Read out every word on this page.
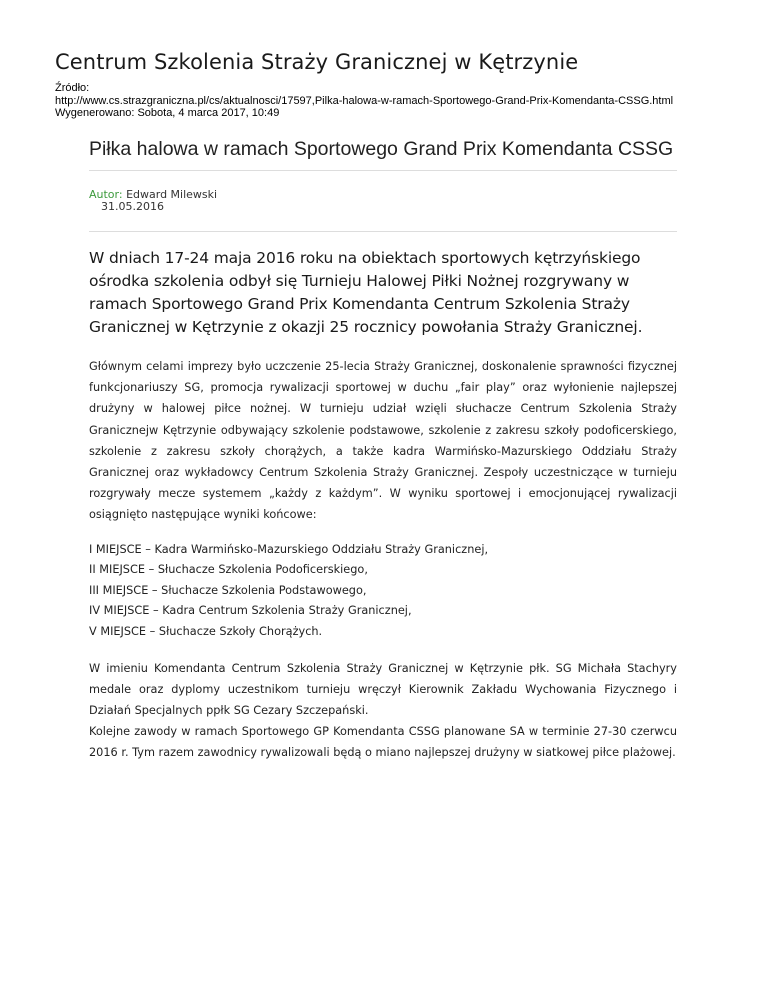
Centrum Szkolenia Straży Granicznej w Kętrzynie
Źródło:
http://www.cs.strazgraniczna.pl/cs/aktualnosci/17597,Pilka-halowa-w-ramach-Sportowego-Grand-Prix-Komendanta-CSSG.html
Wygenerowano: Sobota, 4 marca 2017, 10:49
Piłka halowa w ramach Sportowego Grand Prix Komendanta CSSG
Autor: Edward Milewski
31.05.2016

W dniach 17-24 maja 2016 roku na obiektach sportowych kętrzyńskiego ośrodka szkolenia odbył się Turnieju Halowej Piłki Nożnej rozgrywany w ramach Sportowego Grand Prix Komendanta Centrum Szkolenia Straży Granicznej w Kętrzynie z okazji 25 rocznicy powołania Straży Granicznej.

Głównym celami imprezy było uczczenie 25-lecia Straży Granicznej, doskonalenie sprawności fizycznej funkcjonariuszy SG, promocja rywalizacji sportowej w duchu „fair play” oraz wyłonienie najlepszej drużyny w halowej piłce nożnej. W turnieju udział wzięli słuchacze Centrum Szkolenia Straży Granicznejw Kętrzynie odbywający szkolenie podstawowe, szkolenie z zakresu szkoły podoficerskiego, szkolenie z zakresu szkoły chorążych, a także kadra Warmińsko-Mazurskiego Oddziału Straży Granicznej oraz wykładowcy Centrum Szkolenia Straży Granicznej. Zespoły uczestniczące w turnieju rozgrywały mecze systemem „każdy z każdym”. W wyniku sportowej i emocjonującej rywalizacji osiągnięto następujące wyniki końcowe:

I MIEJSCE – Kadra Warmińsko-Mazurskiego Oddziału Straży Granicznej,
II MIEJSCE – Słuchacze Szkolenia Podoficerskiego,
III MIEJSCE – Słuchacze Szkolenia Podstawowego,
IV MIEJSCE – Kadra Centrum Szkolenia Straży Granicznej,
V MIEJSCE – Słuchacze Szkoły Chorążych.
W imieniu Komendanta Centrum Szkolenia Straży Granicznej w Kętrzynie płk. SG Michała Stachyry medale oraz dyplomy uczestnikom turnieju wręczył Kierownik Zakładu Wychowania Fizycznego i Działań Specjalnych ppłk SG Cezary Szczepański.
Kolejne zawody w ramach Sportowego GP Komendanta CSSG planowane SA w terminie 27-30 czerwcu 2016 r. Tym razem zawodnicy rywalizowali będą o miano najlepszej drużyny w siatkowej piłce plażowej.
